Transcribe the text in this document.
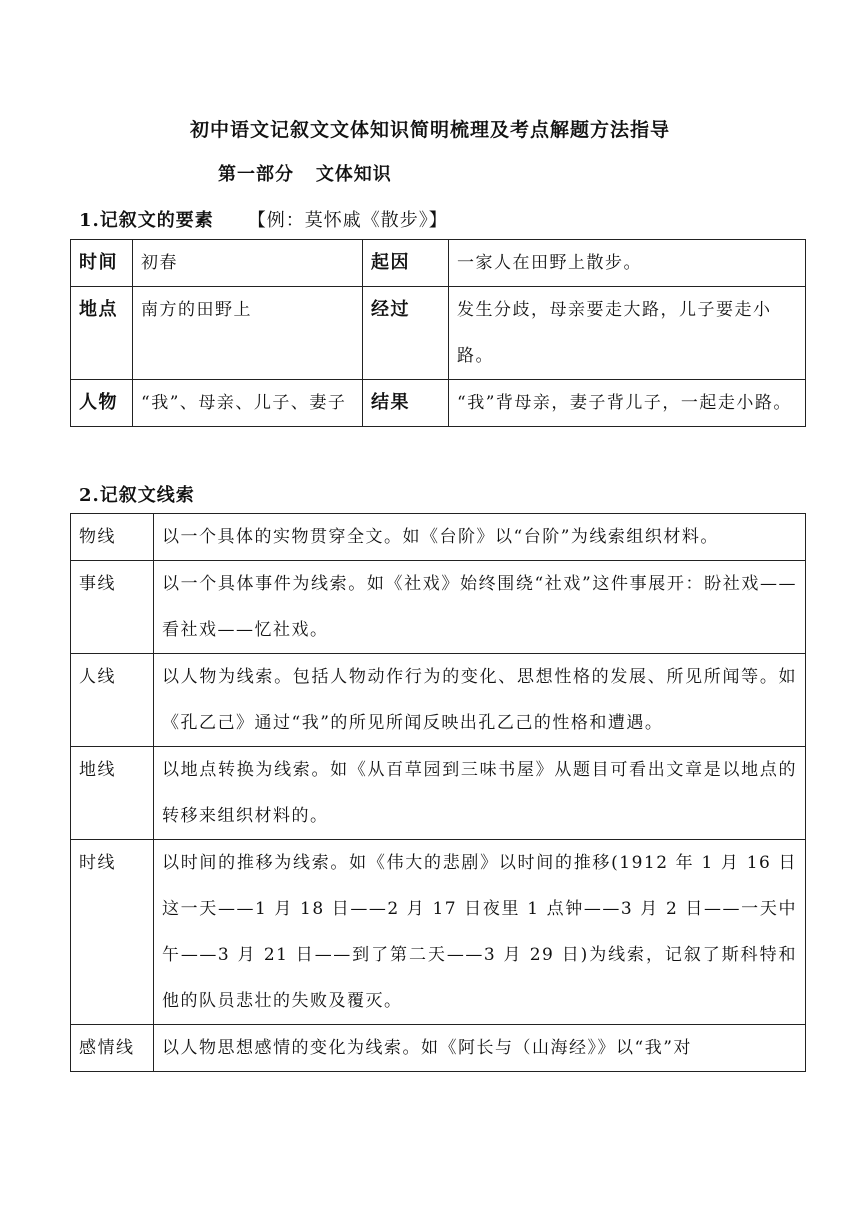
初中语文记叙文文体知识简明梳理及考点解题方法指导
第一部分 文体知识
1.记叙文的要素 【例：莫怀戚《散步》】
时间	初春	起因	一家人在田野上散步。
地点	南方的田野上	经过	发生分歧，母亲要走大路，儿子要走小路。
人物	“我”、母亲、儿子、妻子	结果	“我”背母亲，妻子背儿子，一起走小路。
2.记叙文线索
物线	以一个具体的实物贯穿全文。如《台阶》以“台阶”为线索组织材料。
事线	以一个具体事件为线索。如《社戏》始终围绕“社戏”这件事展开：盼社戏——看社戏——忆社戏。
人线	以人物为线索。包括人物动作行为的变化、思想性格的发展、所见所闻等。如《孔乙己》通过“我”的所见所闻反映出孔乙己的性格和遭遇。
地线	以地点转换为线索。如《从百草园到三味书屋》从题目可看出文章是以地点的转移来组织材料的。
时线	以时间的推移为线索。如《伟大的悲剧》以时间的推移(1912 年 1 月 16 日这一天——1 月 18 日——2 月 17 日夜里 1 点钟——3 月 2 日——一天中午——3 月 21 日——到了第二天——3 月 29 日)为线索，记叙了斯科特和他的队员悲壮的失败及覆灭。
感情线	以人物思想感情的变化为线索。如《阿长与（山海经》》以“我”对
